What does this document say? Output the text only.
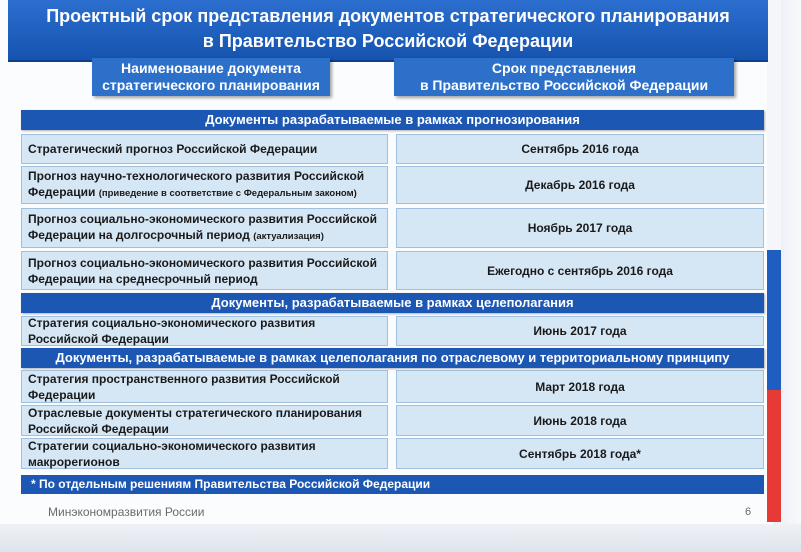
Проектный срок представления документов стратегического планирования
в Правительство Российской Федерации
Наименование документа
стратегического планирования
Срок представления
в Правительство Российской Федерации
Документы разрабатываемые в рамках прогнозирования
Стратегический прогноз Российской Федерации	Сентябрь 2016 года
Прогноз научно-технологического развития Российской
Федерации (приведение в соответствие с Федеральным законом)
Декабрь 2016 года
Прогноз социально-экономического развития Российской
Федерации на долгосрочный период (актуализация)
Ноябрь 2017 года
Прогноз социально-экономического развития Российской
Федерации на среднесрочный период
Ежегодно с сентябрь 2016 года
Документы, разрабатываемые в рамках целеполагания
Стратегия социально-экономического развития
Российской Федерации
Июнь 2017 года
Документы, разрабатываемые в рамках целеполагания по отраслевому и территориальному принципу
Стратегия пространственного развития Российской
Федерации
Март 2018 года
Отраслевые документы стратегического планирования
Российской Федерации
Июнь 2018 года
Стратегии социально-экономического развития
макрорегионов
Сентябрь 2018 года*
* По отдельным решениям Правительства Российской Федерации
Минэкономразвития России	6
